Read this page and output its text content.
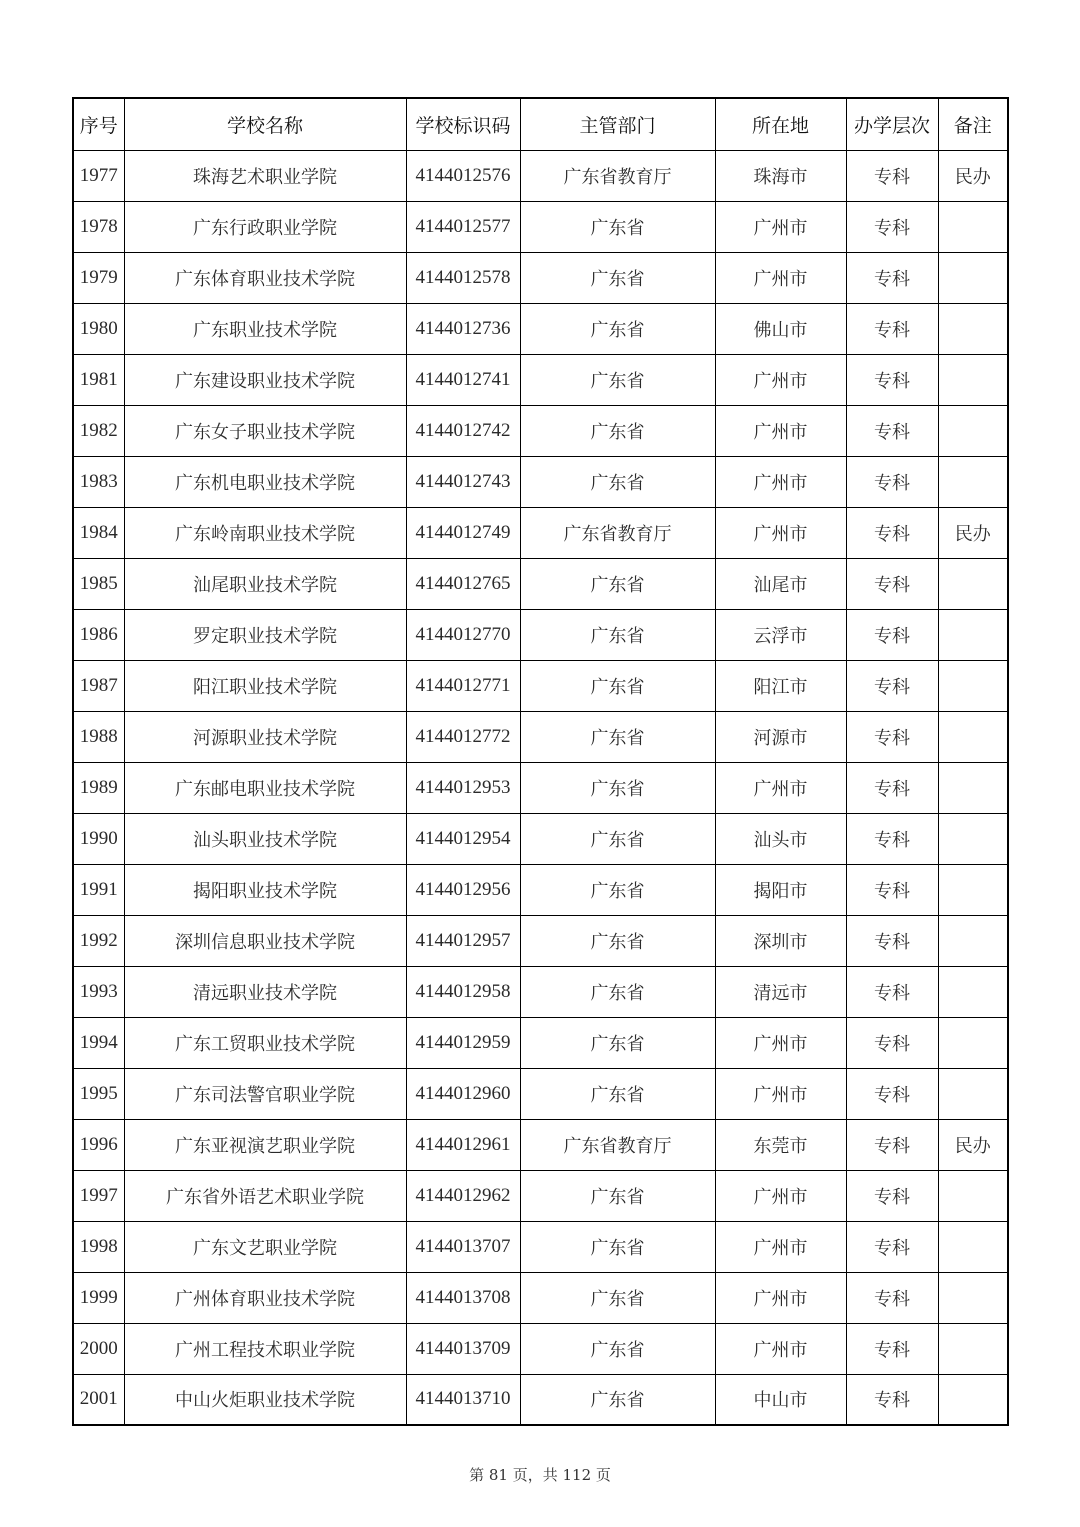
序号	学校名称	学校标识码	主管部门	所在地	办学层次	备注
1977	珠海艺术职业学院	4144012576	广东省教育厅	珠海市	专科	民办
1978	广东行政职业学院	4144012577	广东省	广州市	专科	
1979	广东体育职业技术学院	4144012578	广东省	广州市	专科	
1980	广东职业技术学院	4144012736	广东省	佛山市	专科	
1981	广东建设职业技术学院	4144012741	广东省	广州市	专科	
1982	广东女子职业技术学院	4144012742	广东省	广州市	专科	
1983	广东机电职业技术学院	4144012743	广东省	广州市	专科	
1984	广东岭南职业技术学院	4144012749	广东省教育厅	广州市	专科	民办
1985	汕尾职业技术学院	4144012765	广东省	汕尾市	专科	
1986	罗定职业技术学院	4144012770	广东省	云浮市	专科	
1987	阳江职业技术学院	4144012771	广东省	阳江市	专科	
1988	河源职业技术学院	4144012772	广东省	河源市	专科	
1989	广东邮电职业技术学院	4144012953	广东省	广州市	专科	
1990	汕头职业技术学院	4144012954	广东省	汕头市	专科	
1991	揭阳职业技术学院	4144012956	广东省	揭阳市	专科	
1992	深圳信息职业技术学院	4144012957	广东省	深圳市	专科	
1993	清远职业技术学院	4144012958	广东省	清远市	专科	
1994	广东工贸职业技术学院	4144012959	广东省	广州市	专科	
1995	广东司法警官职业学院	4144012960	广东省	广州市	专科	
1996	广东亚视演艺职业学院	4144012961	广东省教育厅	东莞市	专科	民办
1997	广东省外语艺术职业学院	4144012962	广东省	广州市	专科	
1998	广东文艺职业学院	4144013707	广东省	广州市	专科	
1999	广州体育职业技术学院	4144013708	广东省	广州市	专科	
2000	广州工程技术职业学院	4144013709	广东省	广州市	专科	
2001	中山火炬职业技术学院	4144013710	广东省	中山市	专科	
第 81 页，共 112 页
